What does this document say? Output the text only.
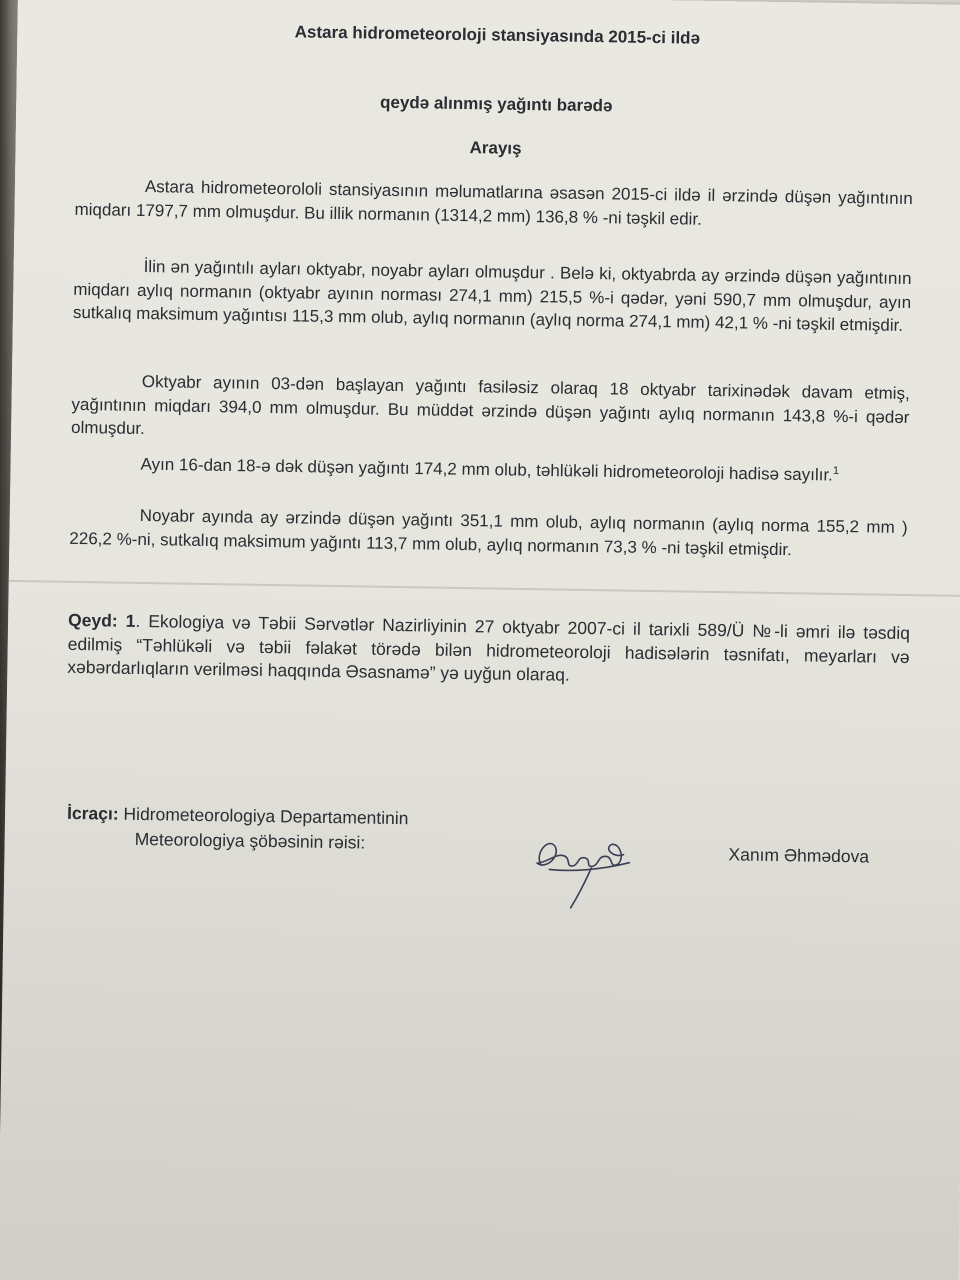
Astara hidrometeoroloji stansiyasında 2015-ci ildə
qeydə alınmış yağıntı barədə
Arayış

Astara hidrometeorololi stansiyasının məlumatlarına əsasən 2015-ci ildə il ərzində düşən yağıntının miqdarı 1797,7 mm olmuşdur. Bu illik normanın (1314,2 mm) 136,8 % -ni təşkil edir.

İlin ən yağıntılı ayları oktyabr, noyabr ayları olmuşdur . Belə ki, oktyabrda ay ərzində düşən yağıntının miqdarı aylıq normanın (oktyabr ayının norması 274,1 mm) 215,5 %-i qədər, yəni 590,7 mm olmuşdur, ayın sutkalıq maksimum yağıntısı 115,3 mm olub, aylıq normanın (aylıq norma 274,1 mm) 42,1 % -ni təşkil etmişdir.

Oktyabr ayının 03-dən başlayan yağıntı fasiləsiz olaraq 18 oktyabr tarixinədək davam etmiş, yağıntının miqdarı 394,0 mm olmuşdur. Bu müddət ərzində düşən yağıntı aylıq normanın 143,8 %-i qədər olmuşdur.

Ayın 16-dan 18-ə dək düşən yağıntı 174,2 mm olub, təhlükəli hidrometeoroloji hadisə sayılır.$^1$

Noyabr ayında ay ərzində düşən yağıntı 351,1 mm olub, aylıq normanın (aylıq norma 155,2 mm ) 226,2 %-ni, sutkalıq maksimum yağıntı 113,7 mm olub, aylıq normanın 73,3 % -ni təşkil etmişdir.

Qeyd: 1. Ekologiya və Təbii Sərvətlər Nazirliyinin 27 oktyabr 2007-ci il tarixli 589/Ü №-li əmri ilə təsdiq edilmiş “Təhlükəli və təbii fəlakət törədə bilən hidrometeoroloji hadisələrin təsnifatı, meyarları və xəbərdarlıqların verilməsi haqqında Əsasnamə” yə uyğun olaraq.

İcraçı: Hidrometeorologiya Departamentinin
Meteorologiya şöbəsinin rəisi:
Xanım Əhmədova
